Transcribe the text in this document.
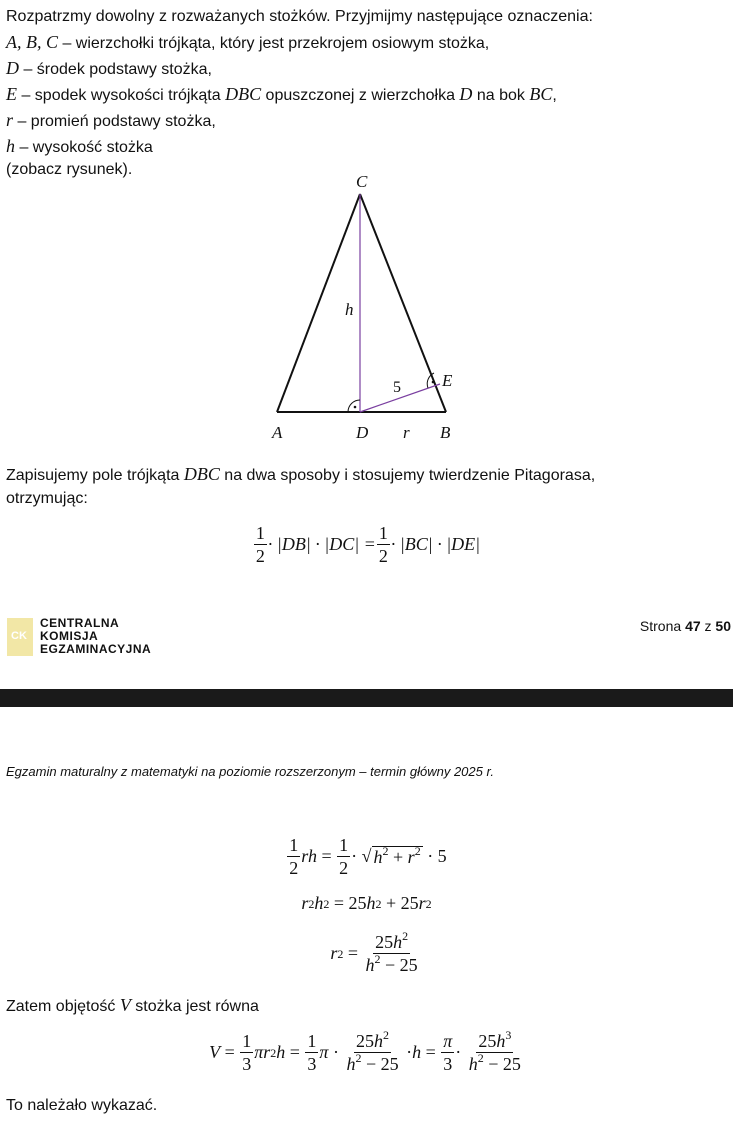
Rozpatrzmy dowolny z rozważanych stożków. Przyjmijmy następujące oznaczenia:
A, B, C – wierzchołki trójkąta, który jest przekrojem osiowym stożka,
D – środek podstawy stożka,
E – spodek wysokości trójkąta DBC opuszczonej z wierzchołka D na bok BC,
r – promień podstawy stożka,
h – wysokość stożka
(zobacz rysunek).
C
h
5 E
A	D r B
Zapisujemy pole trójkąta DBC na dwa sposoby i stosujemy twierdzenie Pitagorasa,
otrzymując:
$\frac{1}{2} \cdot |DB| \cdot |DC| = \frac{1}{2} \cdot |BC| \cdot |DE|$
CK
CENTRALNA
KOMISJA
EGZAMINACYJNA
Strona 47 z 50
Egzamin maturalny z matematyki na poziomie rozszerzonym – termin główny 2025 r.
$\frac{1}{2}$ rh = $\frac{1}{2}$ · √ $h^2 + r^2 \cdot 5$
r 2 h 2 = 25 h 2 + 25 r 2

r $2 = \frac{25h^2}{h^2 - 25}$
Zatem objętość V stożka jest równa
$V = \frac{1}{3}$ πr 2 $h = \frac{1}{3}$ $\pi \cdot \frac{25h^2}{h^2 - 25} \cdot h = \frac{\pi}{3} \cdot \frac{25h^3}{h^2 - 25}$
To należało wykazać.
